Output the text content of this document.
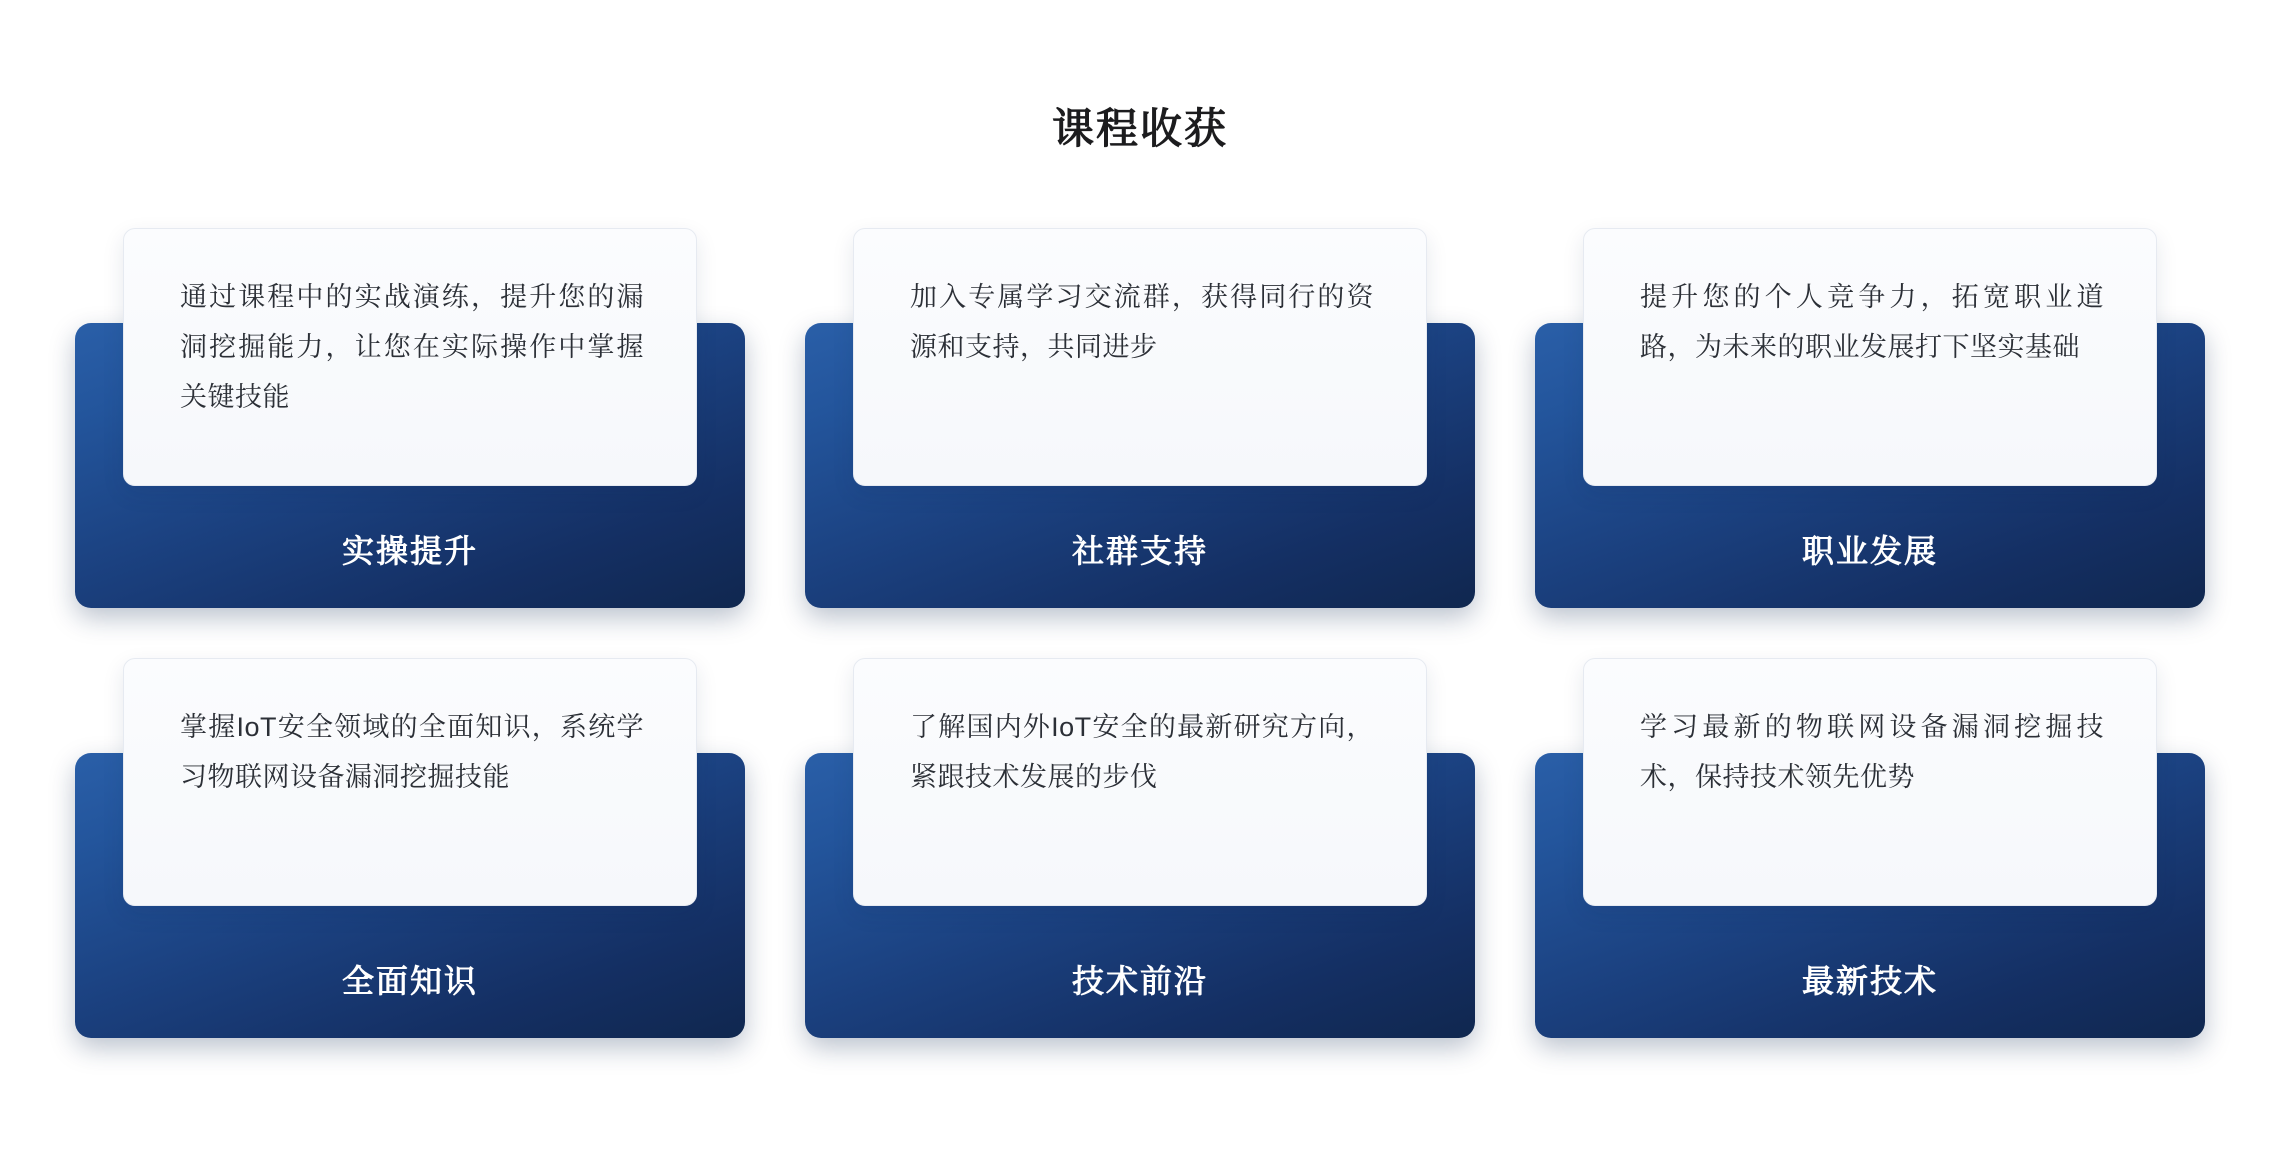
课程收获
实操提升
通过课程中的实战演练，提升您的漏洞挖掘能力，让您在实际操作中掌握关键技能
社群支持
加入专属学习交流群，获得同行的资源和支持，共同进步
职业发展
提升您的个人竞争力，拓宽职业道路，为未来的职业发展打下坚实基础
全面知识
掌握IoT安全领域的全面知识，系统学习物联网设备漏洞挖掘技能
技术前沿
了解国内外IoT安全的最新研究方向，紧跟技术发展的步伐
最新技术
学习最新的物联网设备漏洞挖掘技术，保持技术领先优势
